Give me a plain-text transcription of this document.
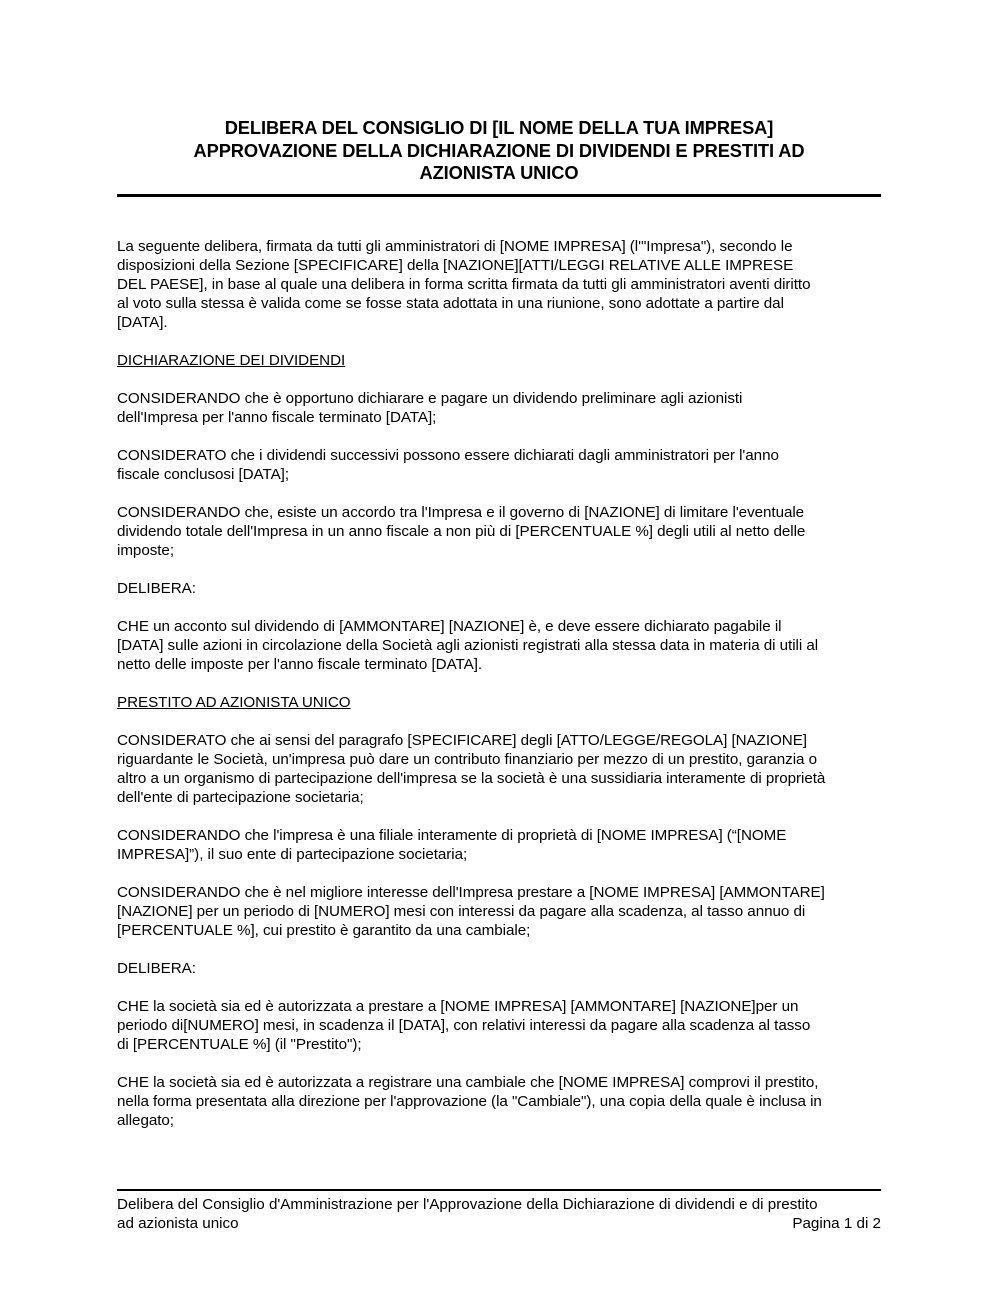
DELIBERA DEL CONSIGLIO DI [IL NOME DELLA TUA IMPRESA]
APPROVAZIONE DELLA DICHIARAZIONE DI DIVIDENDI E PRESTITI AD
AZIONISTA UNICO

La seguente delibera, firmata da tutti gli amministratori di [NOME IMPRESA] (l'"Impresa"), secondo le
disposizioni della Sezione [SPECIFICARE] della [NAZIONE][ATTI/LEGGI RELATIVE ALLE IMPRESE
DEL PAESE], in base al quale una delibera in forma scritta firmata da tutti gli amministratori aventi diritto
al voto sulla stessa è valida come se fosse stata adottata in una riunione, sono adottate a partire dal
[DATA].

DICHIARAZIONE DEI DIVIDENDI

CONSIDERANDO che è opportuno dichiarare e pagare un dividendo preliminare agli azionisti
dell'Impresa per l'anno fiscale terminato [DATA];

CONSIDERATO che i dividendi successivi possono essere dichiarati dagli amministratori per l'anno
fiscale conclusosi [DATA];

CONSIDERANDO che, esiste un accordo tra l'Impresa e il governo di [NAZIONE] di limitare l'eventuale
dividendo totale dell'Impresa in un anno fiscale a non più di [PERCENTUALE %] degli utili al netto delle
imposte;

DELIBERA:

CHE un acconto sul dividendo di [AMMONTARE] [NAZIONE] è, e deve essere dichiarato pagabile il
[DATA] sulle azioni in circolazione della Società agli azionisti registrati alla stessa data in materia di utili al
netto delle imposte per l'anno fiscale terminato [DATA].

PRESTITO AD AZIONISTA UNICO

CONSIDERATO che ai sensi del paragrafo [SPECIFICARE] degli [ATTO/LEGGE/REGOLA] [NAZIONE]
riguardante le Società, un'impresa può dare un contributo finanziario per mezzo di un prestito, garanzia o
altro a un organismo di partecipazione dell'impresa se la società è una sussidiaria interamente di proprietà
dell'ente di partecipazione societaria;

CONSIDERANDO che l'impresa è una filiale interamente di proprietà di [NOME IMPRESA] (“[NOME
IMPRESA]”), il suo ente di partecipazione societaria;

CONSIDERANDO che è nel migliore interesse dell'Impresa prestare a [NOME IMPRESA] [AMMONTARE]
[NAZIONE] per un periodo di [NUMERO] mesi con interessi da pagare alla scadenza, al tasso annuo di
[PERCENTUALE %], cui prestito è garantito da una cambiale;

DELIBERA:

CHE la società sia ed è autorizzata a prestare a [NOME IMPRESA] [AMMONTARE] [NAZIONE]per un
periodo di[NUMERO] mesi, in scadenza il [DATA], con relativi interessi da pagare alla scadenza al tasso
di [PERCENTUALE %] (il "Prestito");

CHE la società sia ed è autorizzata a registrare una cambiale che [NOME IMPRESA] comprovi il prestito,
nella forma presentata alla direzione per l'approvazione (la "Cambiale"), una copia della quale è inclusa in
allegato;

Delibera del Consiglio d'Amministrazione per l'Approvazione della Dichiarazione di dividendi e di prestito
ad azionista unico	Pagina 1 di 2
